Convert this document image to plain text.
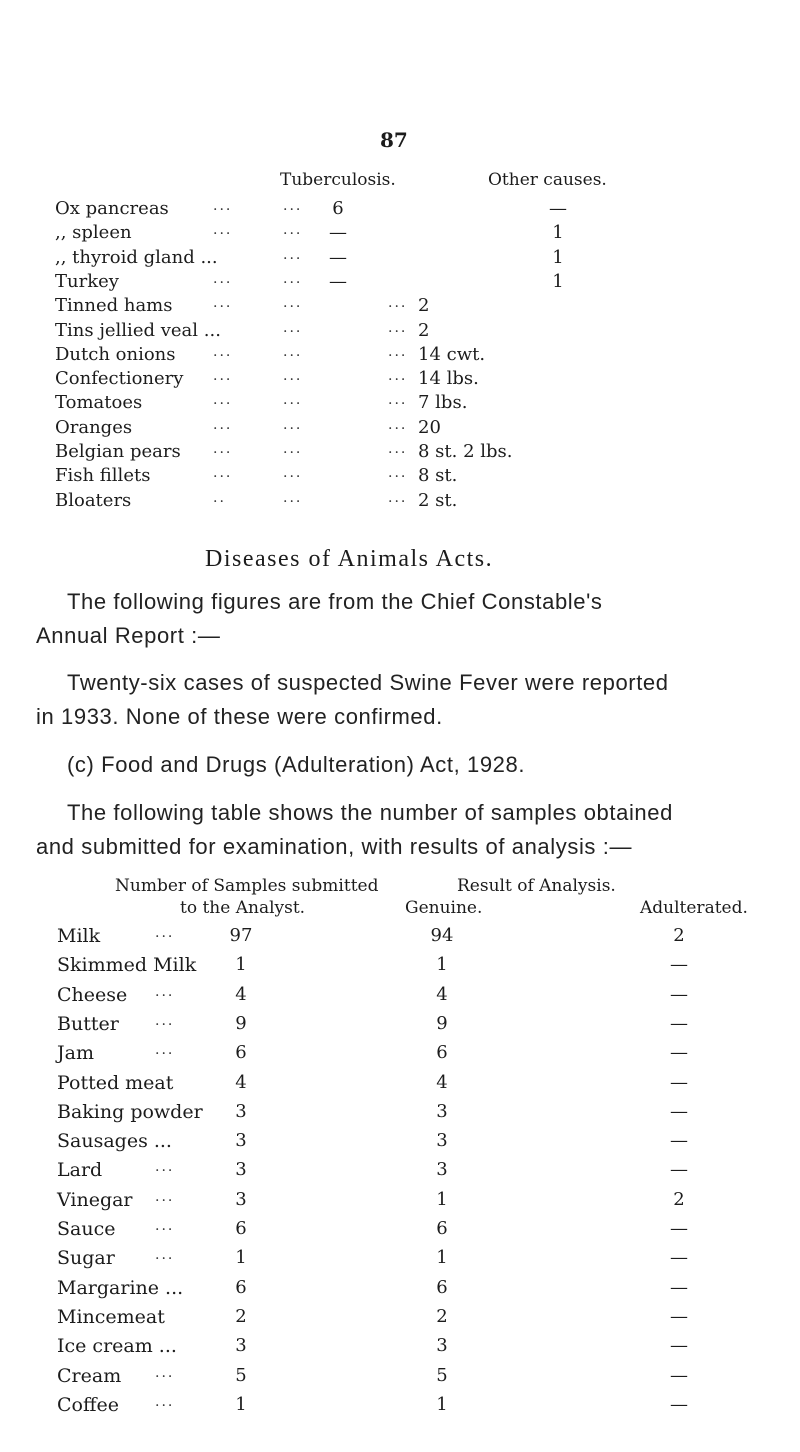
87
Tuberculosis.	Other causes.
Ox pancreas	...	... 6	—
,, spleen	...	... —	1
,, thyroid gland ...	... —	1
Turkey	...	... —	1
Tinned hams	...	...	... 2
Tins jellied veal ...	...	... 2
Dutch onions	...	...	... 14 cwt.
Confectionery ...	...	... 14 lbs.
Tomatoes	...	...	... 7 lbs.
Oranges	...	...	... 20
Belgian pears ...	...	... 8 st. 2 lbs.
Fish fillets	...	...	... 8 st.
Bloaters	..	...	... 2 st.
Diseases of Animals Acts.
The following figures are from the Chief Constable's
Annual Report :—
Twenty-six cases of suspected Swine Fever were reported
in 1933. None of these were confirmed.
(c) Food and Drugs (Adulteration) Act, 1928.
The following table shows the number of samples obtained
and submitted for examination, with results of analysis :—
Number of Samples submitted	Result of Analysis.
to the Analyst.	Genuine.	Adulterated.
Milk	...	97	94	2
Skimmed Milk	1	1	—
Cheese ...	4	4	—
Butter	...	9	9	—
Jam	...	6	6	—
Potted meat	4	4	—
Baking powder	3	3	—
Sausages ...	3	3	—
Lard	...	3	3	—
Vinegar ...	3	1	2
Sauce	...	6	6	—
Sugar	...	1	1	—
Margarine ...	6	6	—
Mincemeat	2	2	—
Ice cream ...	3	3	—
Cream ...	5	5	—
Coffee	...	1	1	—
